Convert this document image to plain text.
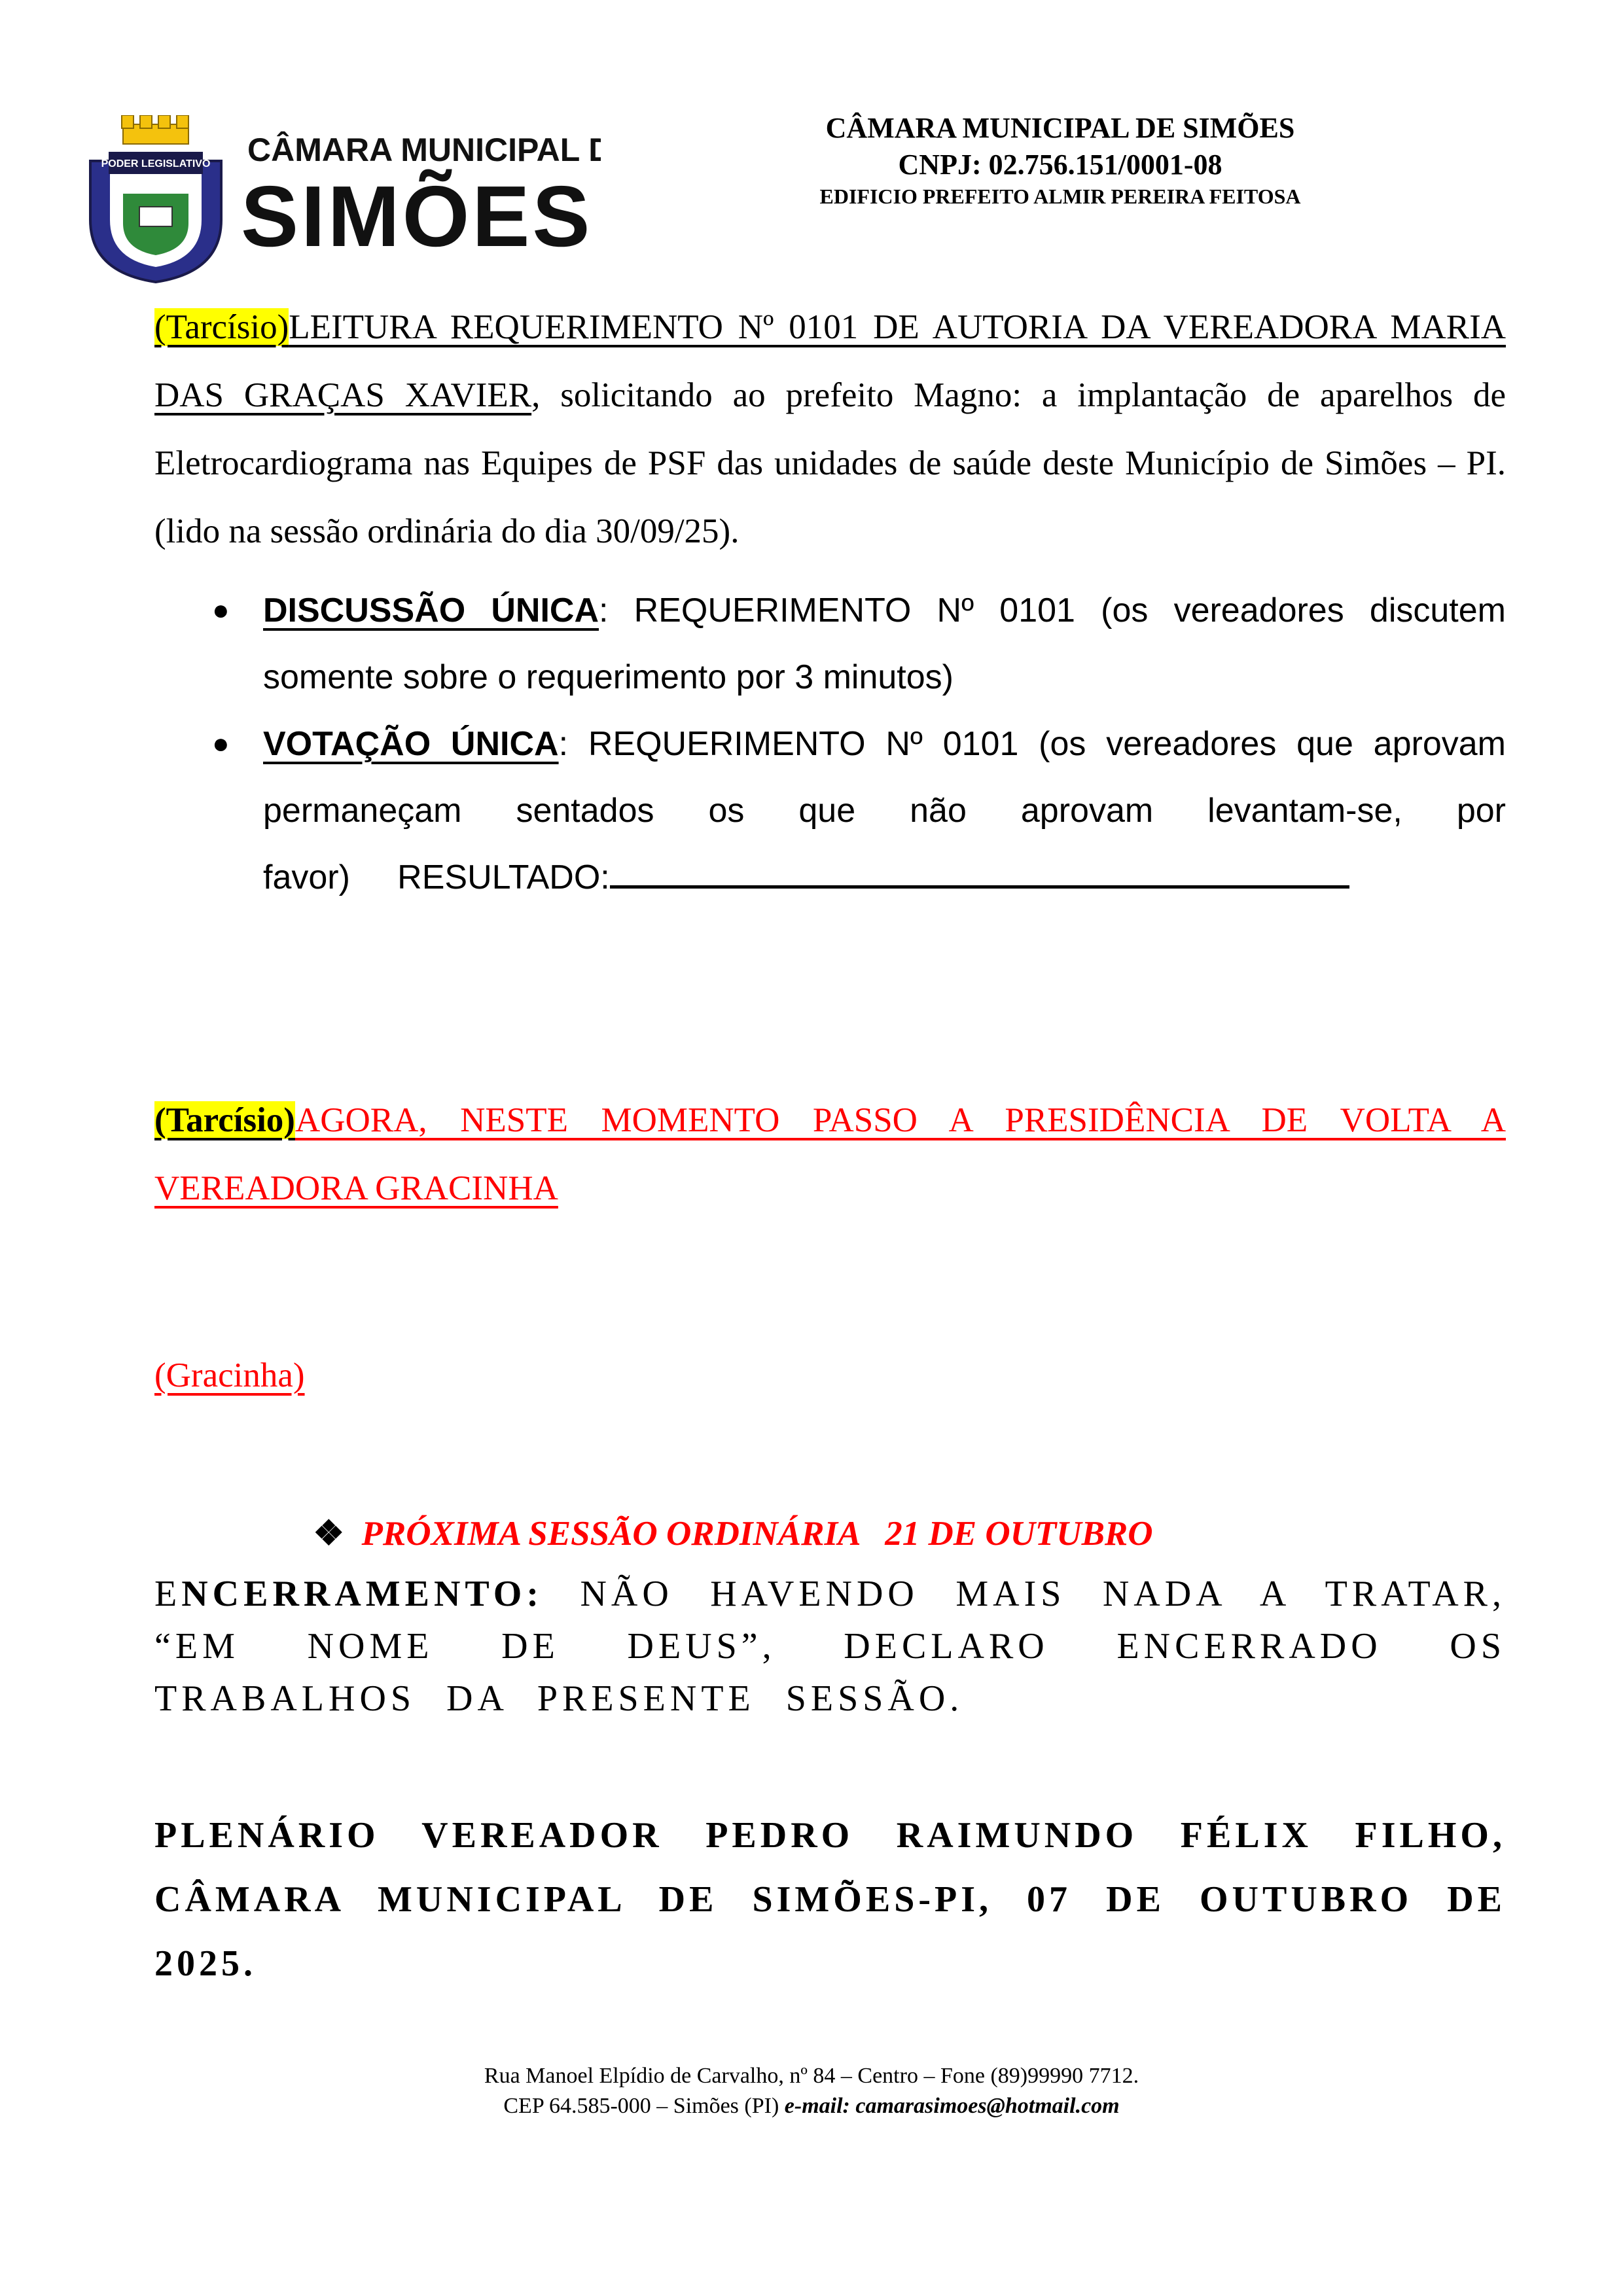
PODER LEGISLATIVO CÂMARA MUNICIPAL DE
SIMÕES
CÂMARA MUNICIPAL DE SIMÕES
CNPJ: 02.756.151/0001-08
EDIFICIO PREFEITO ALMIR PEREIRA FEITOSA
(Tarcísio)LEITURA REQUERIMENTO Nº 0101 DE AUTORIA DA VEREADORA MARIA DAS GRAÇAS XAVIER, solicitando ao prefeito Magno: a implantação de aparelhos de Eletrocardiograma nas Equipes de PSF das unidades de saúde deste Município de Simões – PI. (lido na sessão ordinária do dia 30/09/25).
● DISCUSSÃO ÚNICA: REQUERIMENTO Nº 0101 (os vereadores discutem somente sobre o requerimento por 3 minutos)
● VOTAÇÃO ÚNICA: REQUERIMENTO Nº 0101 (os vereadores que aprovam permaneçam sentados os que não aprovam levantam-se, por favor) RESULTADO:
(Tarcísio)AGORA, NESTE MOMENTO PASSO A PRESIDÊNCIA DE VOLTA A VEREADORA GRACINHA
(Gracinha)

❖ PRÓXIMA SESSÃO ORDINÁRIA   21 DE OUTUBRO

ENCERRAMENTO: NÃO HAVENDO MAIS NADA A TRATAR, “EM NOME DE DEUS”, DECLARO ENCERRADO OS TRABALHOS DA PRESENTE SESSÃO.
PLENÁRIO VEREADOR PEDRO RAIMUNDO FÉLIX FILHO, CÂMARA MUNICIPAL DE SIMÕES-PI, 07 DE OUTUBRO DE 2025.
Rua Manoel Elpídio de Carvalho, nº 84 – Centro – Fone (89)99990 7712.
CEP 64.585-000 – Simões (PI) e-mail: camarasimoes@hotmail.com
